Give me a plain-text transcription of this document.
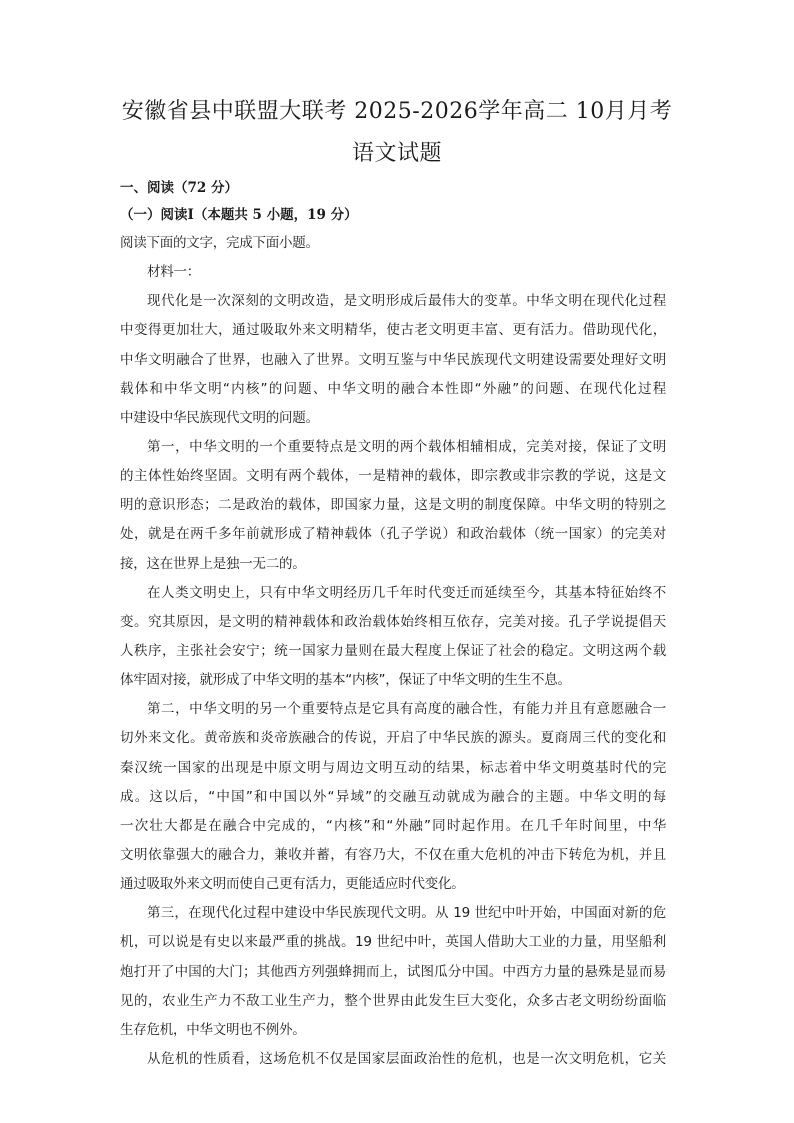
安徽省县中联盟大联考 2025-2026学年高二 10月月考
语文试题
一、阅读（72 分）
（一）阅读Ⅰ（本题共 5 小题，19 分）
阅读下面的文字，完成下面小题。
材料一：
现代化是一次深刻的文明改造，是文明形成后最伟大的变革。中华文明在现代化过程
中变得更加壮大，通过吸取外来文明精华，使古老文明更丰富、更有活力。借助现代化，
中华文明融合了世界，也融入了世界。文明互鉴与中华民族现代文明建设需要处理好文明
载体和中华文明“内核”的问题、中华文明的融合本性即“外融”的问题、在现代化过程
中建设中华民族现代文明的问题。
第一，中华文明的一个重要特点是文明的两个载体相辅相成，完美对接，保证了文明
的主体性始终坚固。文明有两个载体，一是精神的载体，即宗教或非宗教的学说，这是文
明的意识形态；二是政治的载体，即国家力量，这是文明的制度保障。中华文明的特别之
处，就是在两千多年前就形成了精神载体（孔子学说）和政治载体（统一国家）的完美对
接，这在世界上是独一无二的。
在人类文明史上，只有中华文明经历几千年时代变迁而延续至今，其基本特征始终不
变。究其原因，是文明的精神载体和政治载体始终相互依存，完美对接。孔子学说提倡天
人秩序，主张社会安宁；统一国家力量则在最大程度上保证了社会的稳定。文明这两个载
体牢固对接，就形成了中华文明的基本“内核”，保证了中华文明的生生不息。
第二，中华文明的另一个重要特点是它具有高度的融合性，有能力并且有意愿融合一
切外来文化。黄帝族和炎帝族融合的传说，开启了中华民族的源头。夏商周三代的变化和
秦汉统一国家的出现是中原文明与周边文明互动的结果，标志着中华文明奠基时代的完
成。这以后，“中国”和中国以外“异域”的交融互动就成为融合的主题。中华文明的每
一次壮大都是在融合中完成的，“内核”和“外融”同时起作用。在几千年时间里，中华
文明依靠强大的融合力，兼收并蓄，有容乃大，不仅在重大危机的冲击下转危为机，并且
通过吸取外来文明而使自己更有活力，更能适应时代变化。
第三，在现代化过程中建设中华民族现代文明。从 19 世纪中叶开始，中国面对新的危
机，可以说是有史以来最严重的挑战。19 世纪中叶，英国人借助大工业的力量，用坚船利
炮打开了中国的大门；其他西方列强蜂拥而上，试图瓜分中国。中西方力量的悬殊是显而易
见的，农业生产力不敌工业生产力，整个世界由此发生巨大变化，众多古老文明纷纷面临
生存危机，中华文明也不例外。
从危机的性质看，这场危机不仅是国家层面政治性的危机，也是一次文明危机，它关
